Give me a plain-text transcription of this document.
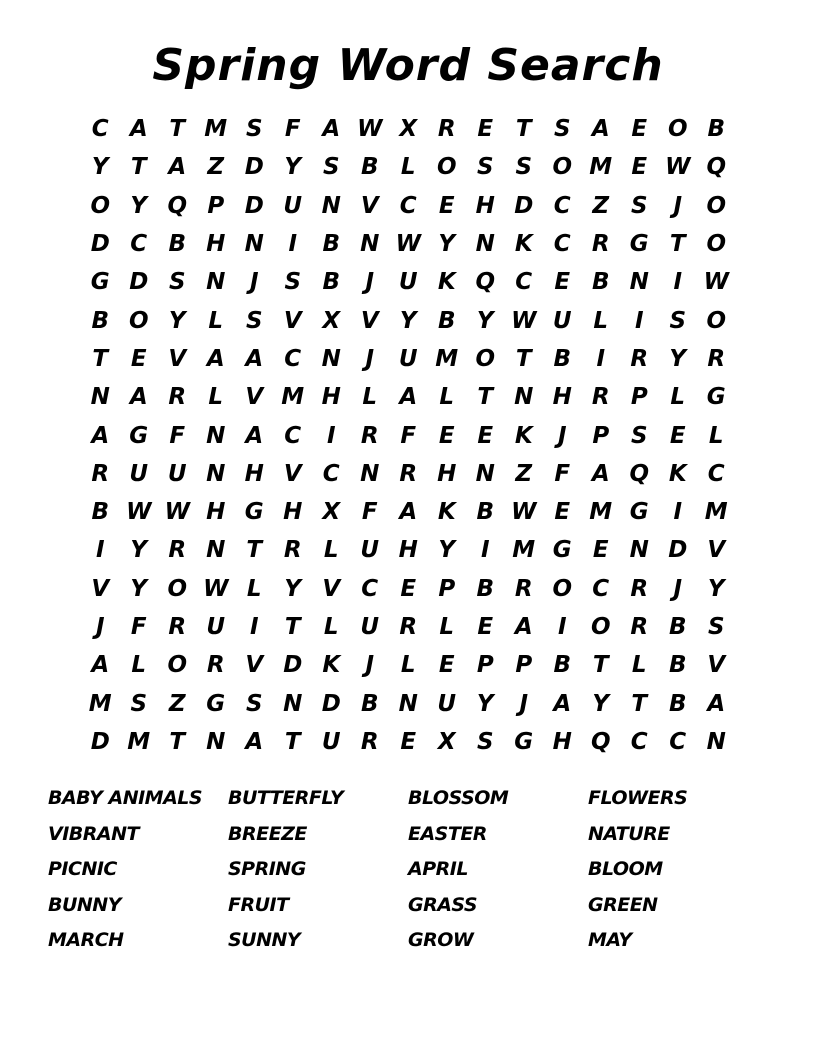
Spring Word Search
C A T M S F A W X R E T S A E O B
Y T A Z D Y S B L O S S O M E W Q
O Y Q P D U N V C E H D C Z S	J	O
D C B H N	I	B N W Y N K C R G T O
G D S N	J	S B	J	U K Q C E B N	I W
B O Y L S V X V Y B Y W U L	I	S O
T E V A A C N	J	U M O T B	I	R Y R
N A R L V M H L A L	T N H R P L G
A G F N A C	I	R F E E K	J	P S E	L
R U U N H V C N R H N Z F A Q K C
B W W H G H X F A K B W E M G	I M
I	Y R N T R L U H Y	I M G E N D V
V Y O W L Y V C E P B R O C R	J	Y
J	F R U	I	T	L U R L	E A	I	O R B S
A L O R V D K	J	L	E P P B T	L B V
M S Z G S N D B N U Y	J	A Y T B A
D M T N A T U R E X S G H Q C C N
BABY ANIMALS	BUTTERFLY	BLOSSOM	FLOWERS
VIBRANT	BREEZE	EASTER	NATURE
PICNIC	SPRING	APRIL	BLOOM
BUNNY	FRUIT	GRASS	GREEN
MARCH	SUNNY	GROW	MAY
